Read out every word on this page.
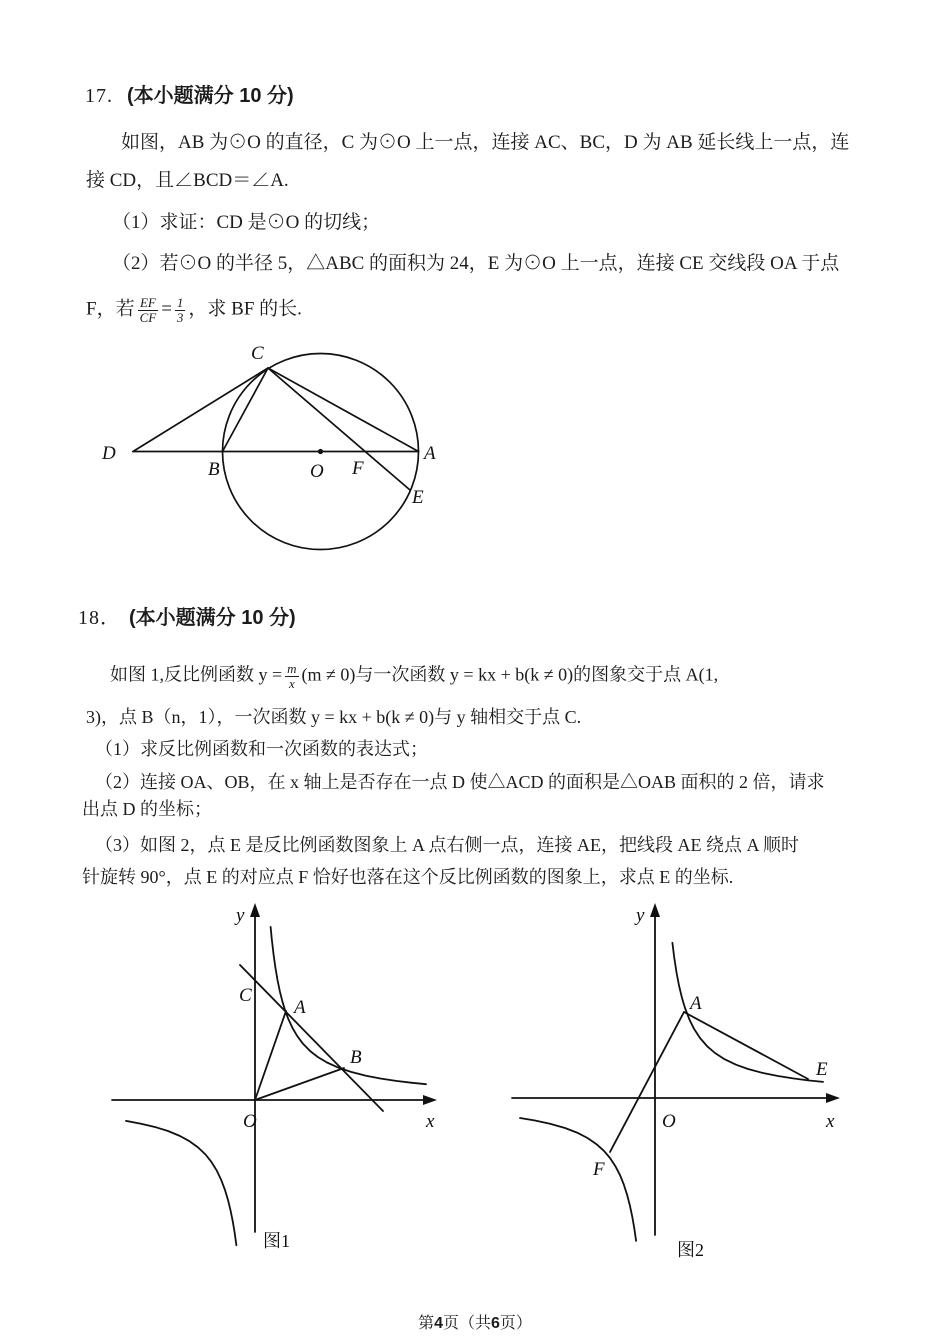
17. (本小题满分 10 分)
如图，AB 为⊙O 的直径，C 为⊙O 上一点，连接 AC、BC，D 为 AB 延长线上一点，连
接 CD，且∠BCD＝∠A.
（1）求证：CD 是⊙O 的切线；
（2）若⊙O 的半径 5，△ABC 的面积为 24，E 为⊙O 上一点，连接 CE 交线段 OA 于点
F，若 $\frac{EF}{CF} = \frac{1}{3}$ ，求 BF 的长.
D
B	O F
A
C
E
18． (本小题满分 10 分)
如图 1,反比例函数 $y = \frac{m}{x} (m \ne 0)$与一次函数 y = kx + b(k ≠ 0)的图象交于点 A(1,
3)，点 B（n，1），一次函数 y = kx + b(k ≠ 0)与 y 轴相交于点 C.
（1）求反比例函数和一次函数的表达式；
（2）连接 OA、OB，在 x 轴上是否存在一点 D 使△ACD 的面积是△OAB 面积的 2 倍，请求
出点 D 的坐标；
（3）如图 2，点 E 是反比例函数图象上 A 点右侧一点，连接 AE，把线段 AE 绕点 A 顺时
针旋转 90°，点 E 的对应点 F 恰好也落在这个反比例函数的图象上，求点 E 的坐标.
y
x
O
C
A
B
图1
y
x
O
A
E
F
图2
第4页（共6页）
